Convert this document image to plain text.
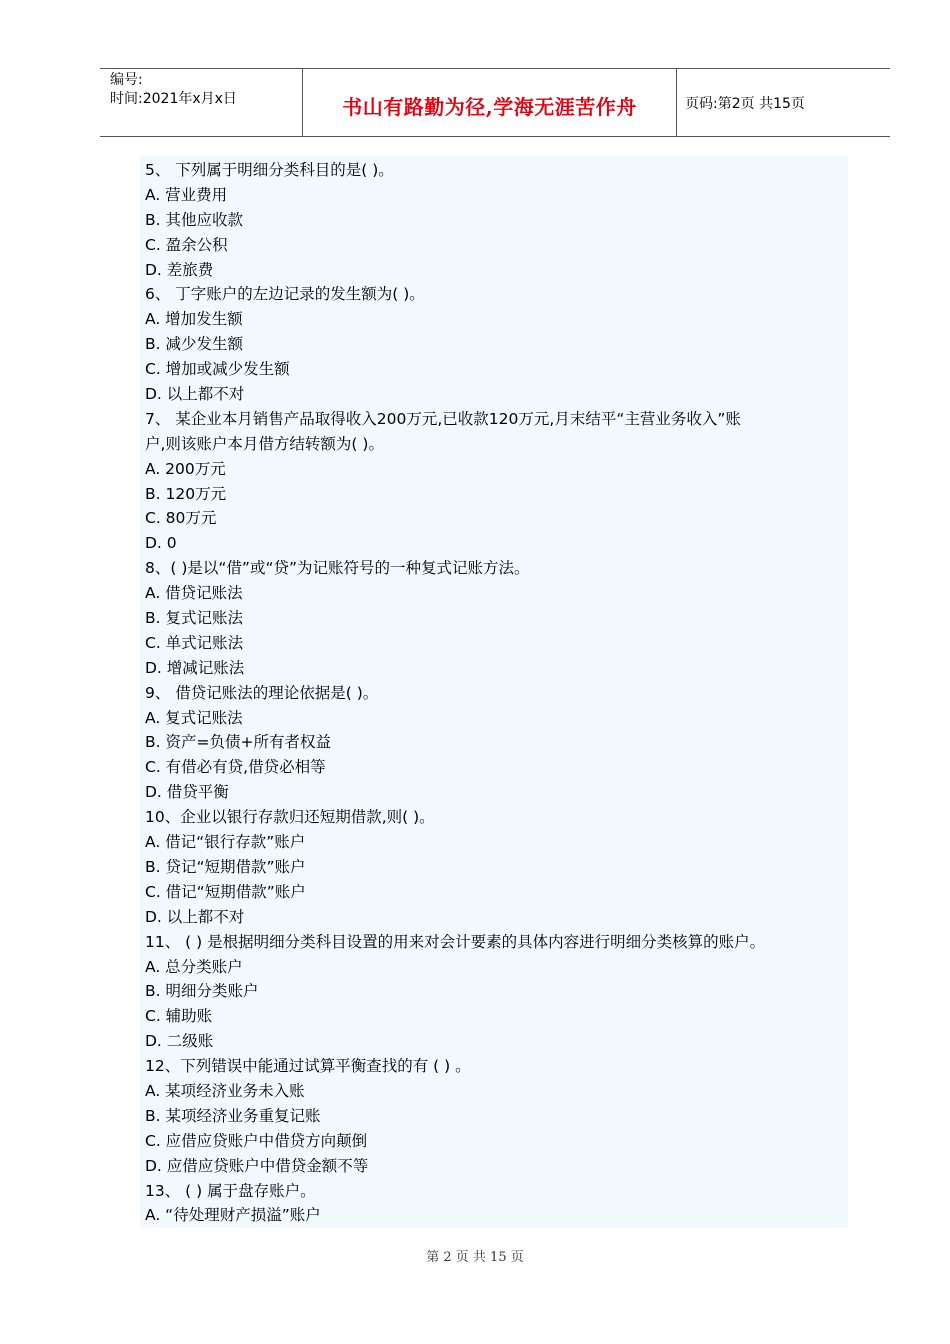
编号:
时间:2021年x月x日	书山有路勤为径,学海无涯苦作舟	页码:第2页 共15页
5、 下列属于明细分类科目的是( )。
A. 营业费用
B. 其他应收款
C. 盈余公积
D. 差旅费
6、 丁字账户的左边记录的发生额为( )。
A. 增加发生额
B. 减少发生额
C. 增加或减少发生额
D. 以上都不对
7、 某企业本月销售产品取得收入200万元,已收款120万元,月末结平“主营业务收入”账
户,则该账户本月借方结转额为( )。
A. 200万元
B. 120万元
C. 80万元
D. 0
8、( )是以“借”或“贷”为记账符号的一种复式记账方法。
A. 借贷记账法
B. 复式记账法
C. 单式记账法
D. 增减记账法
9、 借贷记账法的理论依据是( )。
A. 复式记账法
B. 资产=负债+所有者权益
C. 有借必有贷,借贷必相等
D. 借贷平衡
10、企业以银行存款归还短期借款,则( )。
A. 借记“银行存款”账户
B. 贷记“短期借款”账户
C. 借记“短期借款”账户
D. 以上都不对
11、 ( ) 是根据明细分类科目设置的用来对会计要素的具体内容进行明细分类核算的账户。
A. 总分类账户
B. 明细分类账户
C. 辅助账
D. 二级账
12、下列错误中能通过试算平衡查找的有 ( ) 。
A. 某项经济业务未入账
B. 某项经济业务重复记账
C. 应借应贷账户中借贷方向颠倒
D. 应借应贷账户中借贷金额不等
13、 ( ) 属于盘存账户。
A. “待处理财产损溢”账户
第 2 页 共 15 页
